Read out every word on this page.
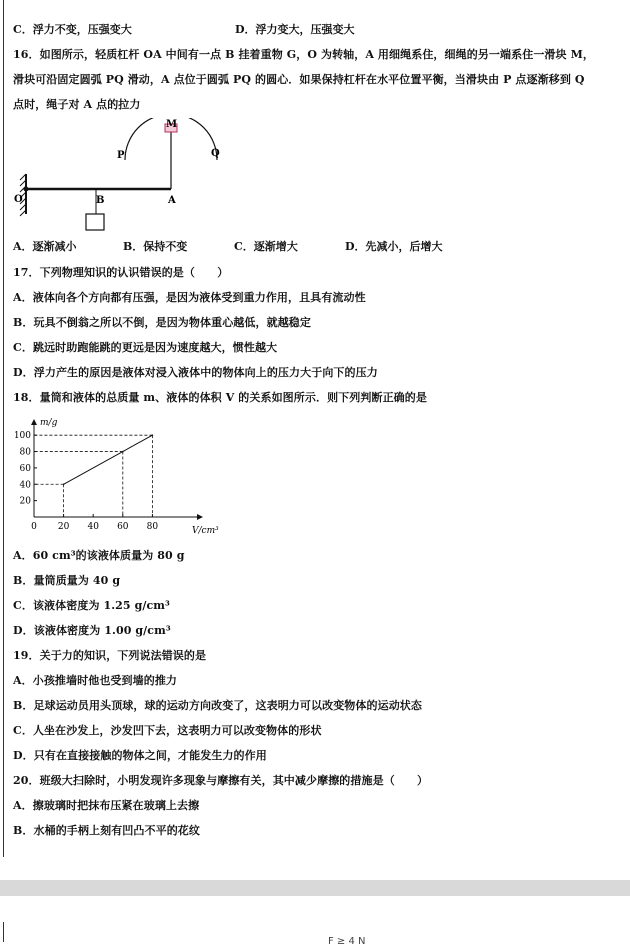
C．浮力不变，压强变大	D．浮力变大，压强变大
16．如图所示，轻质杠杆 OA 中间有一点 B 挂着重物 G，O 为转轴，A 用细绳系住，细绳的另一端系住一滑块 M，
滑块可沿固定圆弧 PQ 滑动，A 点位于圆弧 PQ 的圆心．如果保持杠杆在水平位置平衡，当滑块由 P 点逐渐移到 Q
点时，绳子对 A 点的拉力
M
P	Q
O	B	A
A．逐渐减小	B．保持不变	C．逐渐增大	D．先减小，后增大
17．下列物理知识的认识错误的是（　　）
A．液体向各个方向都有压强，是因为液体受到重力作用，且具有流动性
B．玩具不倒翁之所以不倒，是因为物体重心越低，就越稳定
C．跳远时助跑能跳的更远是因为速度越大，惯性越大
D．浮力产生的原因是液体对浸入液体中的物体向上的压力大于向下的压力
18．量筒和液体的总质量 m、液体的体积 V 的关系如图所示．则下列判断正确的是
m/g
V/cm³
0 20 40 60 80
20
40
60
80
100
A．60 cm³的该液体质量为 80 g
B．量筒质量为 40 g
C．该液体密度为 1.25 g/cm³
D．该液体密度为 1.00 g/cm³
19．关于力的知识，下列说法错误的是
A．小孩推墙时他也受到墙的推力
B．足球运动员用头顶球，球的运动方向改变了，这表明力可以改变物体的运动状态
C．人坐在沙发上，沙发凹下去，这表明力可以改变物体的形状
D．只有在直接接触的物体之间，才能发生力的作用
20．班级大扫除时，小明发现许多现象与摩擦有关，其中减少摩擦的措施是（　　）
A．擦玻璃时把抹布压紧在玻璃上去擦
B．水桶的手柄上刻有凹凸不平的花纹
F ≥ 4 N
